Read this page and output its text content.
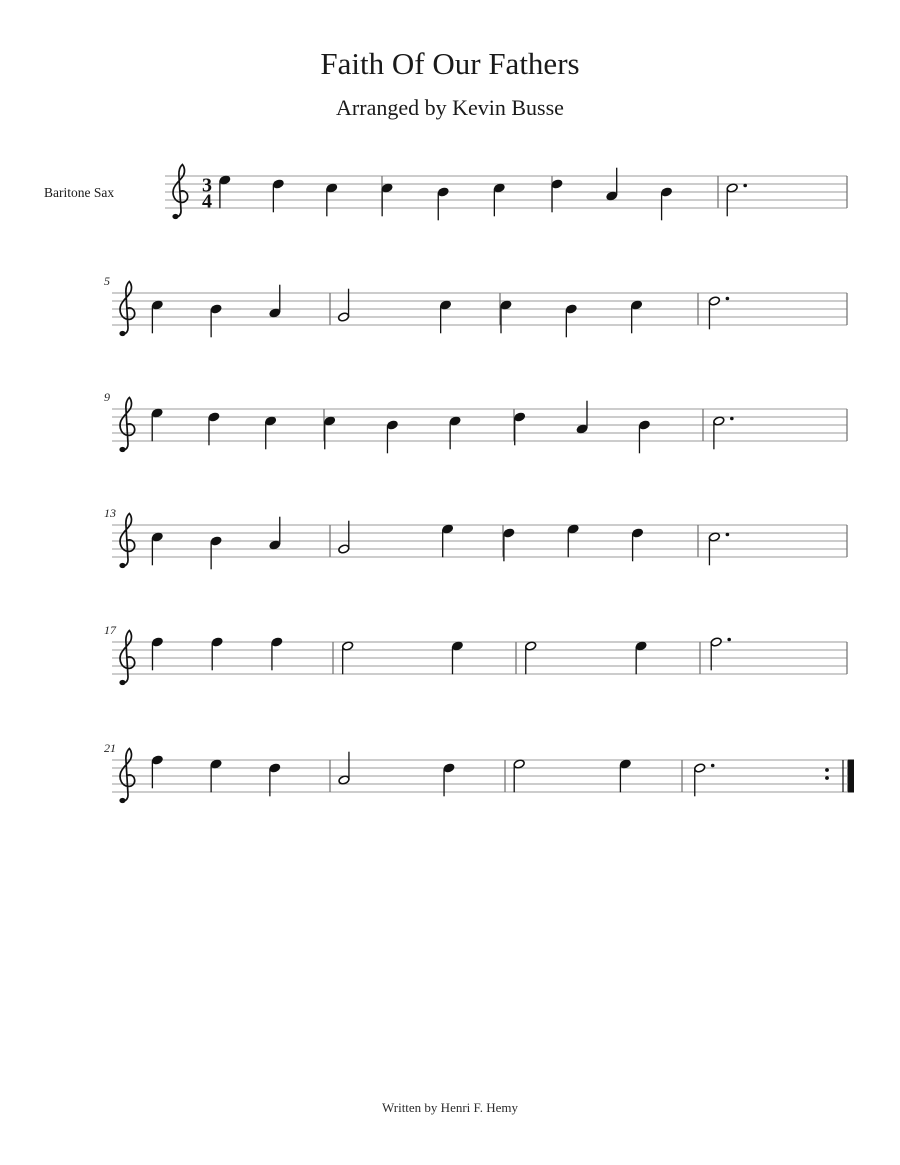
Faith Of Our Fathers
Arranged by Kevin Busse
Baritone Sax	3
4
5
9
13
17
21
Written by Henri F. Hemy
